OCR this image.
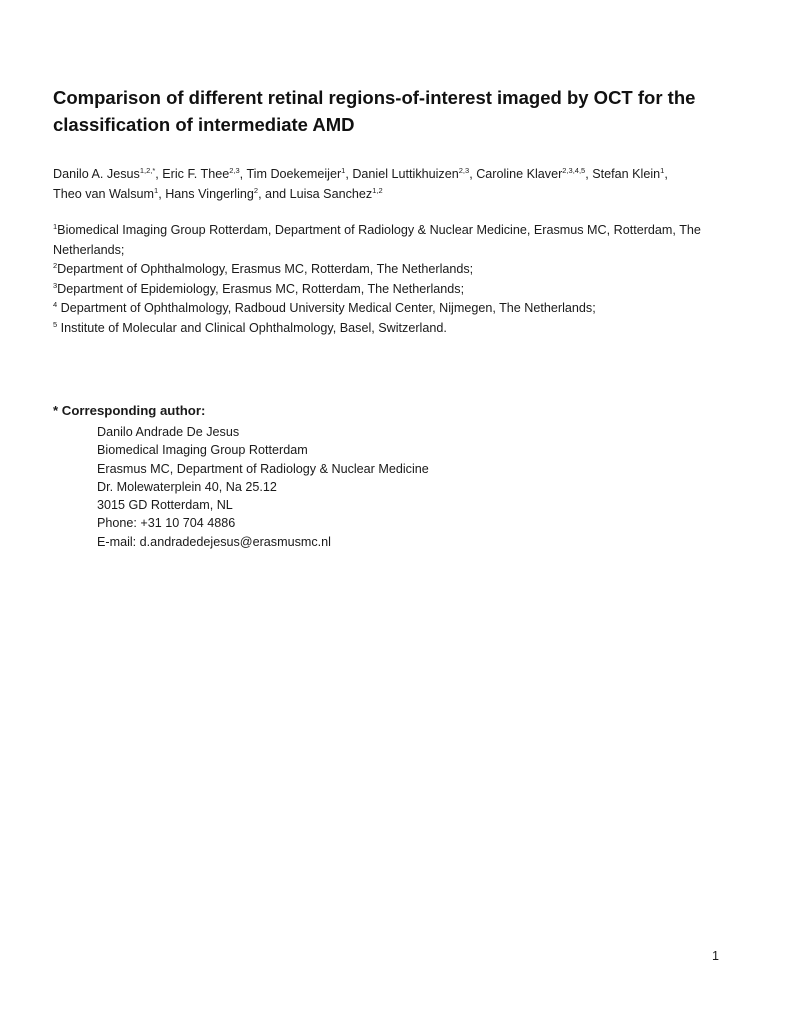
Comparison of different retinal regions-of-interest imaged by OCT for the classification of intermediate AMD
Danilo A. Jesus$^{1,2,*}$, Eric F. Thee$^{2,3}$, Tim Doekemeijer$^1$, Daniel Luttikhuizen$^{2,3}$, Caroline Klaver$^{2,3,4,5}$, Stefan Klein$^1$, Theo van Walsum$^1$, Hans Vingerling$^2$, and Luisa Sanchez$^{1,2}$
$^1$Biomedical Imaging Group Rotterdam, Department of Radiology & Nuclear Medicine, Erasmus MC, Rotterdam, The Netherlands;
$^2$Department of Ophthalmology, Erasmus MC, Rotterdam, The Netherlands;
$^3$Department of Epidemiology, Erasmus MC, Rotterdam, The Netherlands;
$^4$ Department of Ophthalmology, Radboud University Medical Center, Nijmegen, The Netherlands;
$^5$ Institute of Molecular and Clinical Ophthalmology, Basel, Switzerland.
* Corresponding author:
Danilo Andrade De Jesus
Biomedical Imaging Group Rotterdam
Erasmus MC, Department of Radiology & Nuclear Medicine
Dr. Molewaterplein 40, Na 25.12
3015 GD Rotterdam, NL
Phone: +31 10 704 4886
E-mail: d.andradedejesus@erasmusmc.nl
1
